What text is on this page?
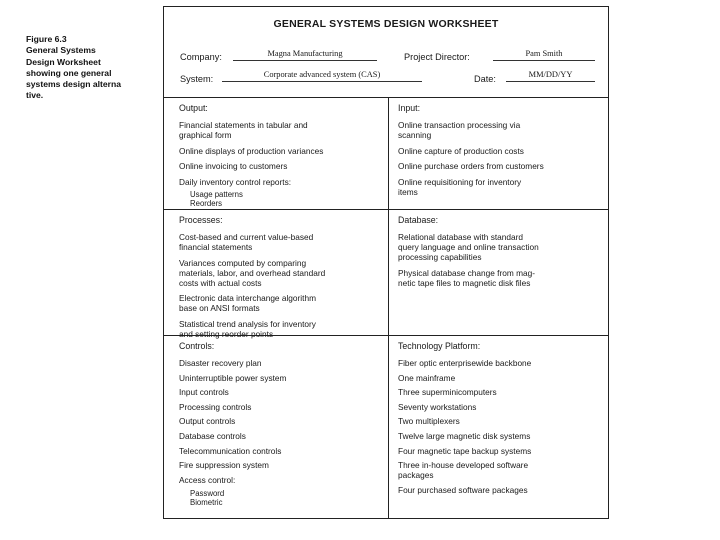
Figure 6.3
General Systems
Design Worksheet
showing one general
systems design alterna
tive.
GENERAL SYSTEMS DESIGN WORKSHEET
Company:	Magna Manufacturing	Project Director:	Pam Smith
System:	Corporate advanced system (CAS)	Date:	MM/DD/YY
Output:
Financial statements in tabular and
graphical form
Online displays of production variances
Online invoicing to customers
Daily inventory control reports:
Usage patterns
Reorders
Input:
Online transaction processing via
scanning
Online capture of production costs
Online purchase orders from customers
Online requisitioning for inventory
items
Processes:
Cost-based and current value-based
financial statements
Variances computed by comparing
materials, labor, and overhead standard
costs with actual costs
Electronic data interchange algorithm
base on ANSI formats
Statistical trend analysis for inventory
and setting reorder points
Database:
Relational database with standard
query language and online transaction
processing capabilities
Physical database change from mag-
netic tape files to magnetic disk files
Controls:
Disaster recovery plan
Uninterruptible power system
Input controls
Processing controls
Output controls
Database controls
Telecommunication controls
Fire suppression system
Access control:
Password
Biometric
Technology Platform:
Fiber optic enterprisewide backbone
One mainframe
Three superminicomputers
Seventy workstations
Two multiplexers
Twelve large magnetic disk systems
Four magnetic tape backup systems
Three in-house developed software
packages
Four purchased software packages
